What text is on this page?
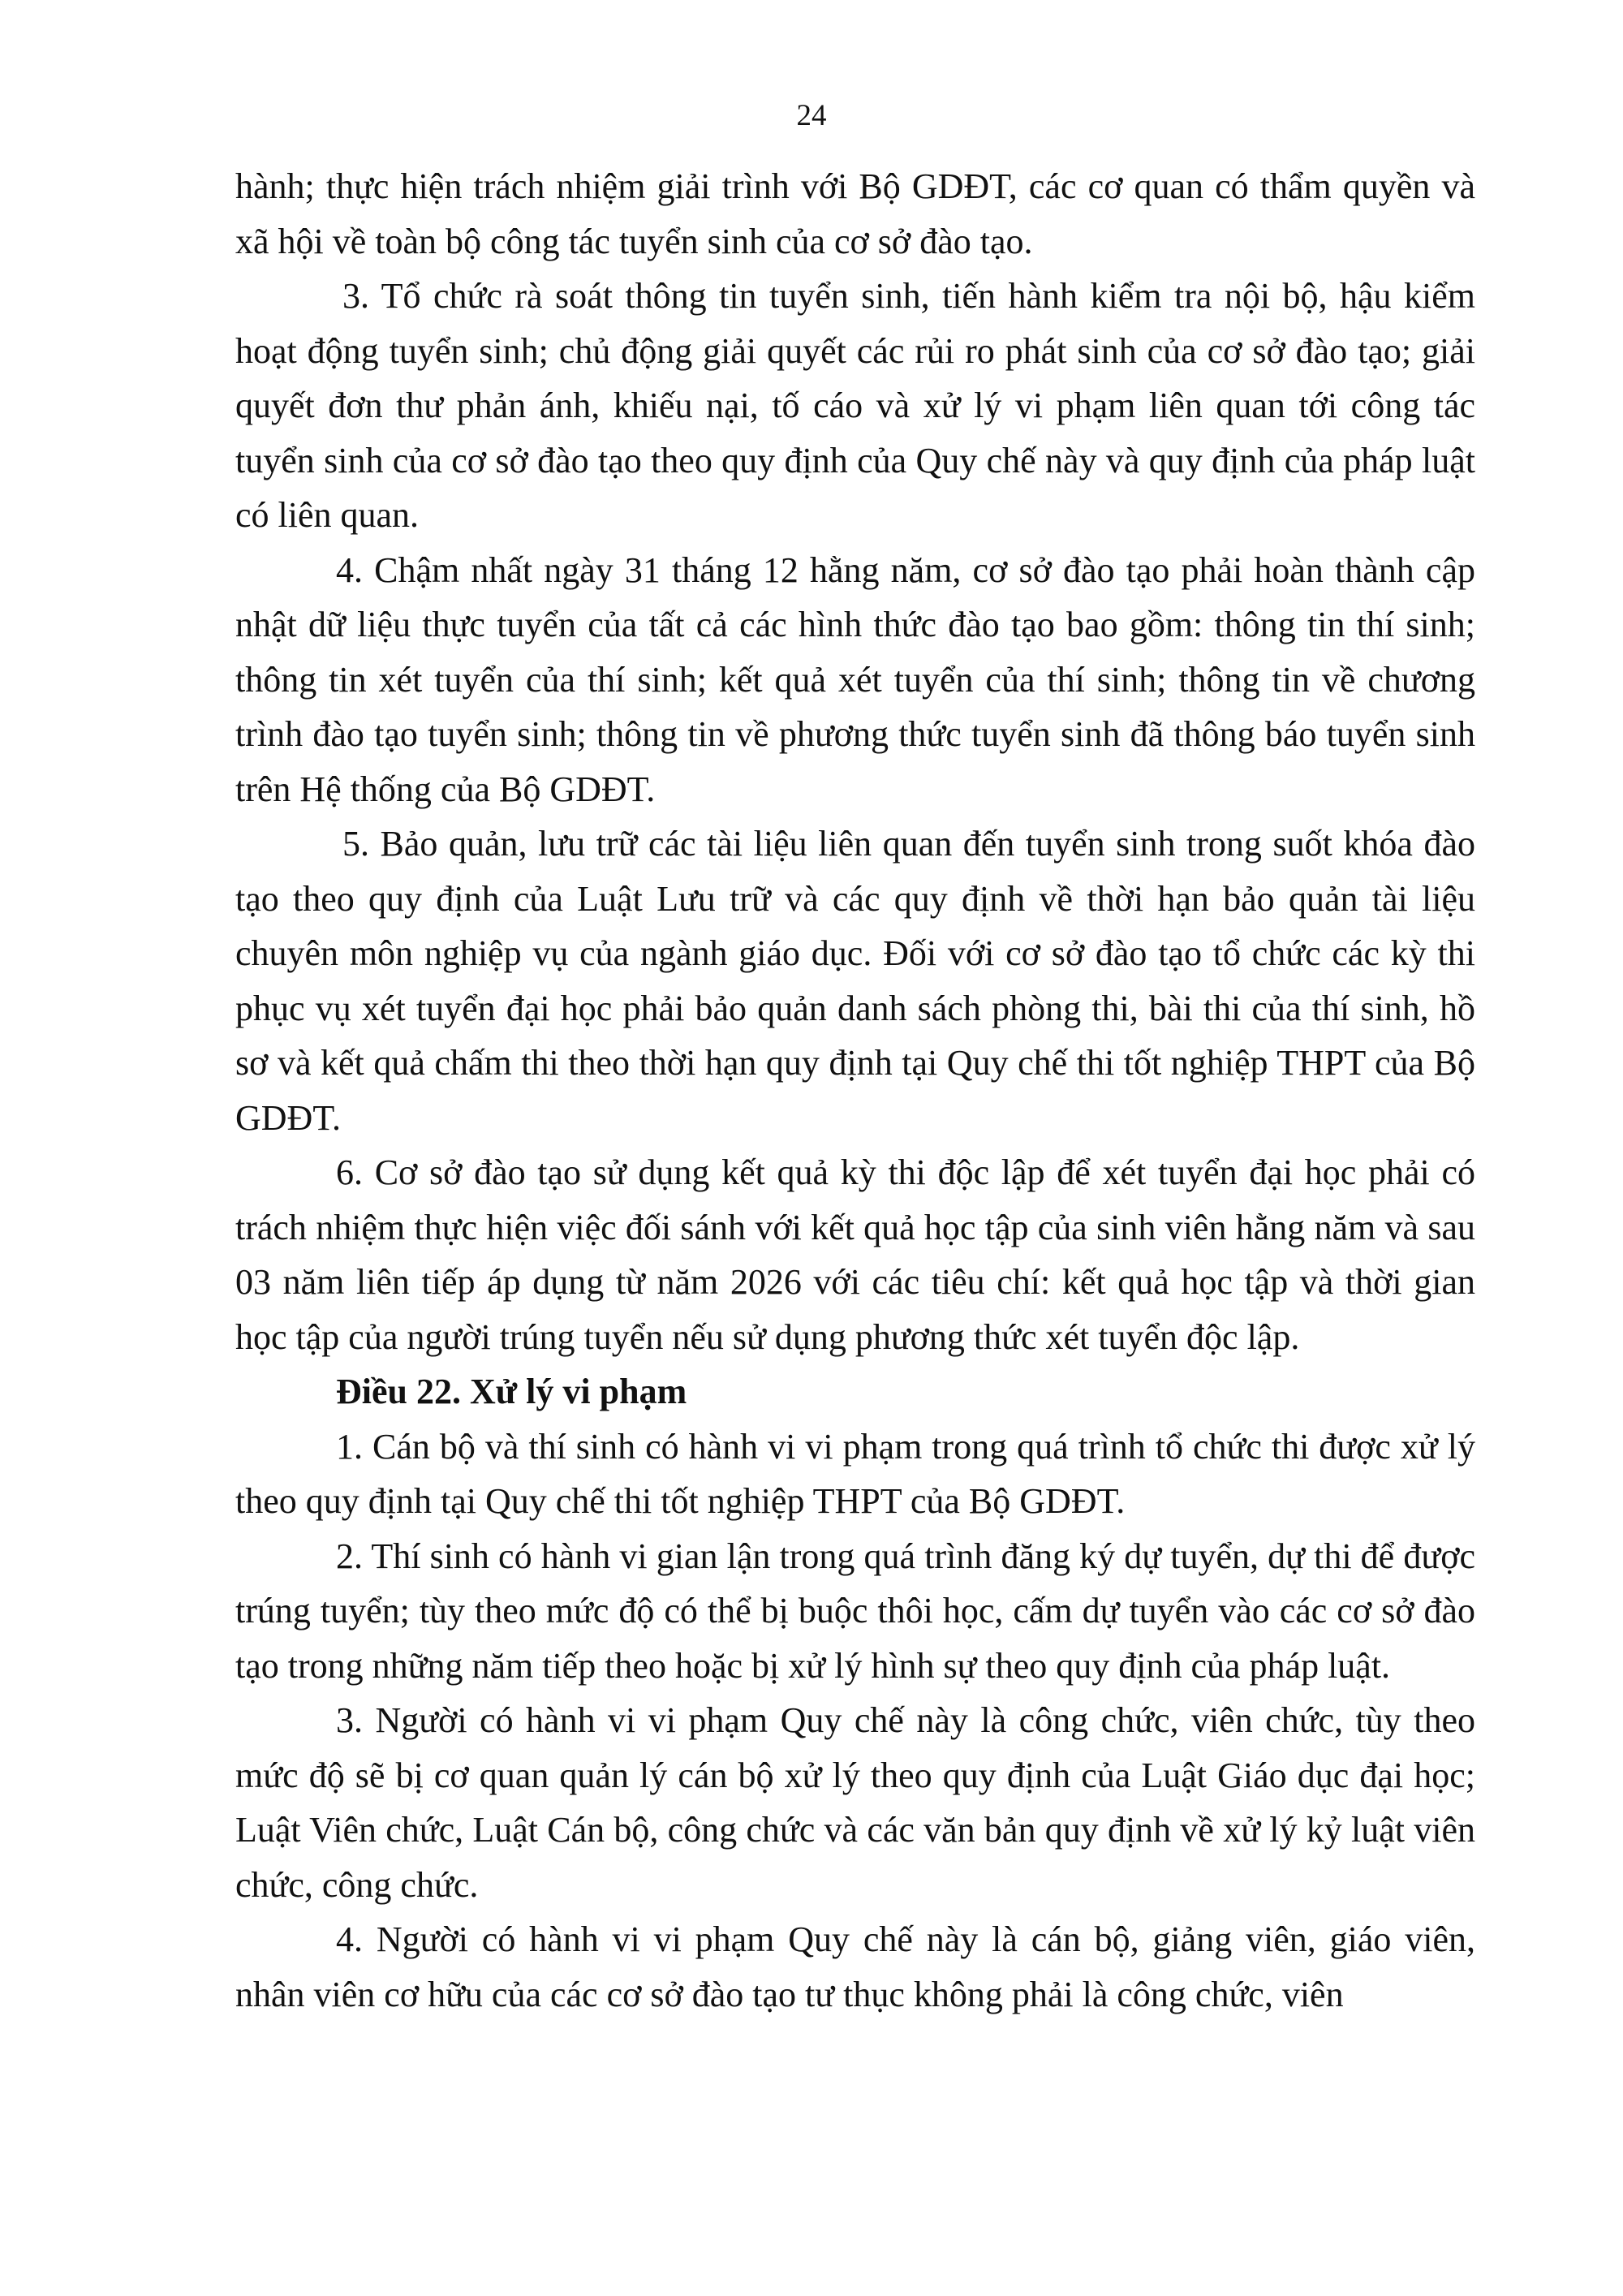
24

hành; thực hiện trách nhiệm giải trình với Bộ GDĐT, các cơ quan có thẩm quyền và xã hội về toàn bộ công tác tuyển sinh của cơ sở đào tạo.

3. Tổ chức rà soát thông tin tuyển sinh, tiến hành kiểm tra nội bộ, hậu kiểm hoạt động tuyển sinh; chủ động giải quyết các rủi ro phát sinh của cơ sở đào tạo; giải quyết đơn thư phản ánh, khiếu nại, tố cáo và xử lý vi phạm liên quan tới công tác tuyển sinh của cơ sở đào tạo theo quy định của Quy chế này và quy định của pháp luật có liên quan.

4. Chậm nhất ngày 31 tháng 12 hằng năm, cơ sở đào tạo phải hoàn thành cập nhật dữ liệu thực tuyển của tất cả các hình thức đào tạo bao gồm: thông tin thí sinh; thông tin xét tuyển của thí sinh; kết quả xét tuyển của thí sinh; thông tin về chương trình đào tạo tuyển sinh; thông tin về phương thức tuyển sinh đã thông báo tuyển sinh trên Hệ thống của Bộ GDĐT.

5. Bảo quản, lưu trữ các tài liệu liên quan đến tuyển sinh trong suốt khóa đào tạo theo quy định của Luật Lưu trữ và các quy định về thời hạn bảo quản tài liệu chuyên môn nghiệp vụ của ngành giáo dục. Đối với cơ sở đào tạo tổ chức các kỳ thi phục vụ xét tuyển đại học phải bảo quản danh sách phòng thi, bài thi của thí sinh, hồ sơ và kết quả chấm thi theo thời hạn quy định tại Quy chế thi tốt nghiệp THPT của Bộ GDĐT.

6. Cơ sở đào tạo sử dụng kết quả kỳ thi độc lập để xét tuyển đại học phải có trách nhiệm thực hiện việc đối sánh với kết quả học tập của sinh viên hằng năm và sau 03 năm liên tiếp áp dụng từ năm 2026 với các tiêu chí: kết quả học tập và thời gian học tập của người trúng tuyển nếu sử dụng phương thức xét tuyển độc lập.

Điều 22. Xử lý vi phạm

1. Cán bộ và thí sinh có hành vi vi phạm trong quá trình tổ chức thi được xử lý theo quy định tại Quy chế thi tốt nghiệp THPT của Bộ GDĐT.

2. Thí sinh có hành vi gian lận trong quá trình đăng ký dự tuyển, dự thi để được trúng tuyển; tùy theo mức độ có thể bị buộc thôi học, cấm dự tuyển vào các cơ sở đào tạo trong những năm tiếp theo hoặc bị xử lý hình sự theo quy định của pháp luật.

3. Người có hành vi vi phạm Quy chế này là công chức, viên chức, tùy theo mức độ sẽ bị cơ quan quản lý cán bộ xử lý theo quy định của Luật Giáo dục đại học; Luật Viên chức, Luật Cán bộ, công chức và các văn bản quy định về xử lý kỷ luật viên chức, công chức.

4. Người có hành vi vi phạm Quy chế này là cán bộ, giảng viên, giáo viên, nhân viên cơ hữu của các cơ sở đào tạo tư thục không phải là công chức, viên
